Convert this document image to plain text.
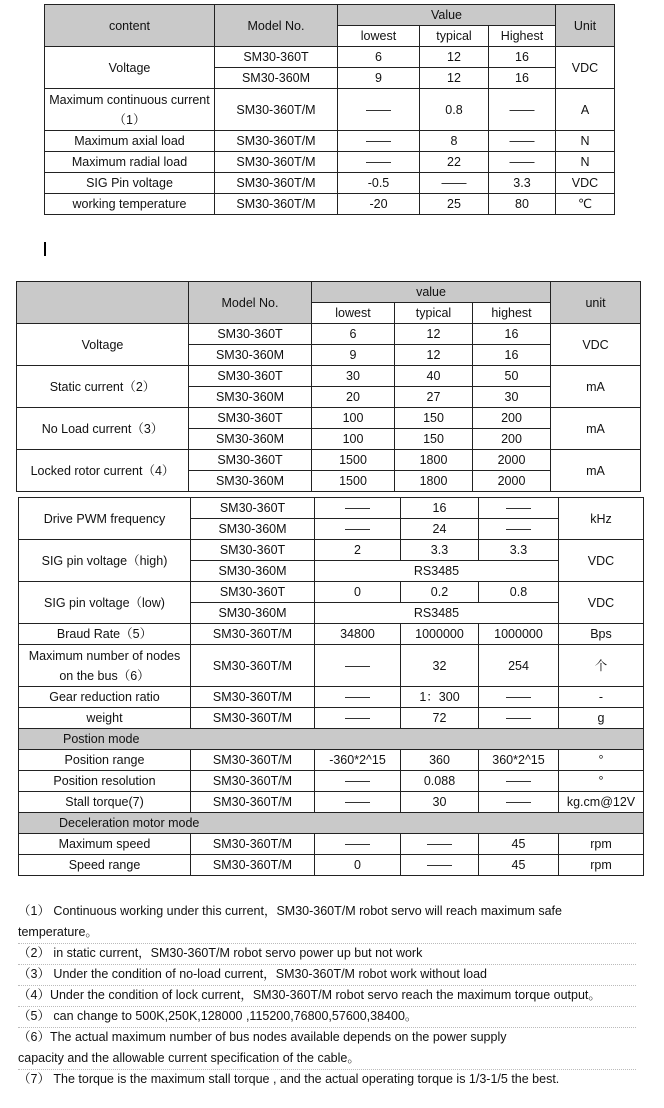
content	Model No.	Value			Unit
		lowest	typical	Highest	
Voltage	SM30-360T	6	12	16	VDC
	SM30-360M	9	12	16	
Maximum continuous current（1）	SM30-360T/M	——	0.8	——	A
Maximum axial load	SM30-360T/M	——	8	——	N
Maximum radial load	SM30-360T/M	——	22	——	N
SIG Pin voltage	SM30-360T/M	-0.5	——	3.3	VDC
working temperature	SM30-360T/M	-20	25	80	℃
	Model No.	value			unit
		lowest	typical	highest	
Voltage	SM30-360T	6	12	16	VDC
	SM30-360M	9	12	16	
Static current（2）	SM30-360T	30	40	50	mA
	SM30-360M	20	27	30	
No Load current（3）	SM30-360T	100	150	200	mA
	SM30-360M	100	150	200	
Locked rotor current（4）	SM30-360T	1500	1800	2000	mA
	SM30-360M	1500	1800	2000	
Drive PWM frequency	SM30-360T	——	16	——	kHz
	SM30-360M	——	24	——	
SIG pin voltage（high)	SM30-360T	2	3.3	3.3	VDC
	SM30-360M	RS3485			
SIG pin voltage（low)	SM30-360T	0	0.2	0.8	VDC
	SM30-360M	RS3485			
Braud Rate（5）	SM30-360T/M	34800	1000000	1000000	Bps
Maximum number of nodes on the bus（6）	SM30-360T/M	——	32	254	个
Gear reduction ratio	SM30-360T/M	——	1：300	——	-
weight	SM30-360T/M	——	72	——	g
Postion mode					
Position range	SM30-360T/M	-360*2^15	360	360*2^15	°
Position resolution	SM30-360T/M	——	0.088	——	°
Stall torque(7)	SM30-360T/M	——	30	——	kg.cm@12V
Deceleration motor mode					
Maximum speed	SM30-360T/M	——	——	45	rpm
Speed range	SM30-360T/M	0	——	45	rpm
（1） Continuous working under this current，SM30-360T/M robot servo will reach maximum safe
temperature。
（2） in static current，SM30-360T/M robot servo power up but not work
（3） Under the condition of no-load current，SM30-360T/M robot work without load
（4）Under the condition of lock current，SM30-360T/M robot servo reach the maximum torque output。
（5） can change to 500K,250K,128000 ,115200,76800,57600,38400。
（6）The actual maximum number of bus nodes available depends on the power supply
capacity and the allowable current specification of the cable。
（7） The torque is the maximum stall torque , and the actual operating torque is 1/3-1/5 the best.
